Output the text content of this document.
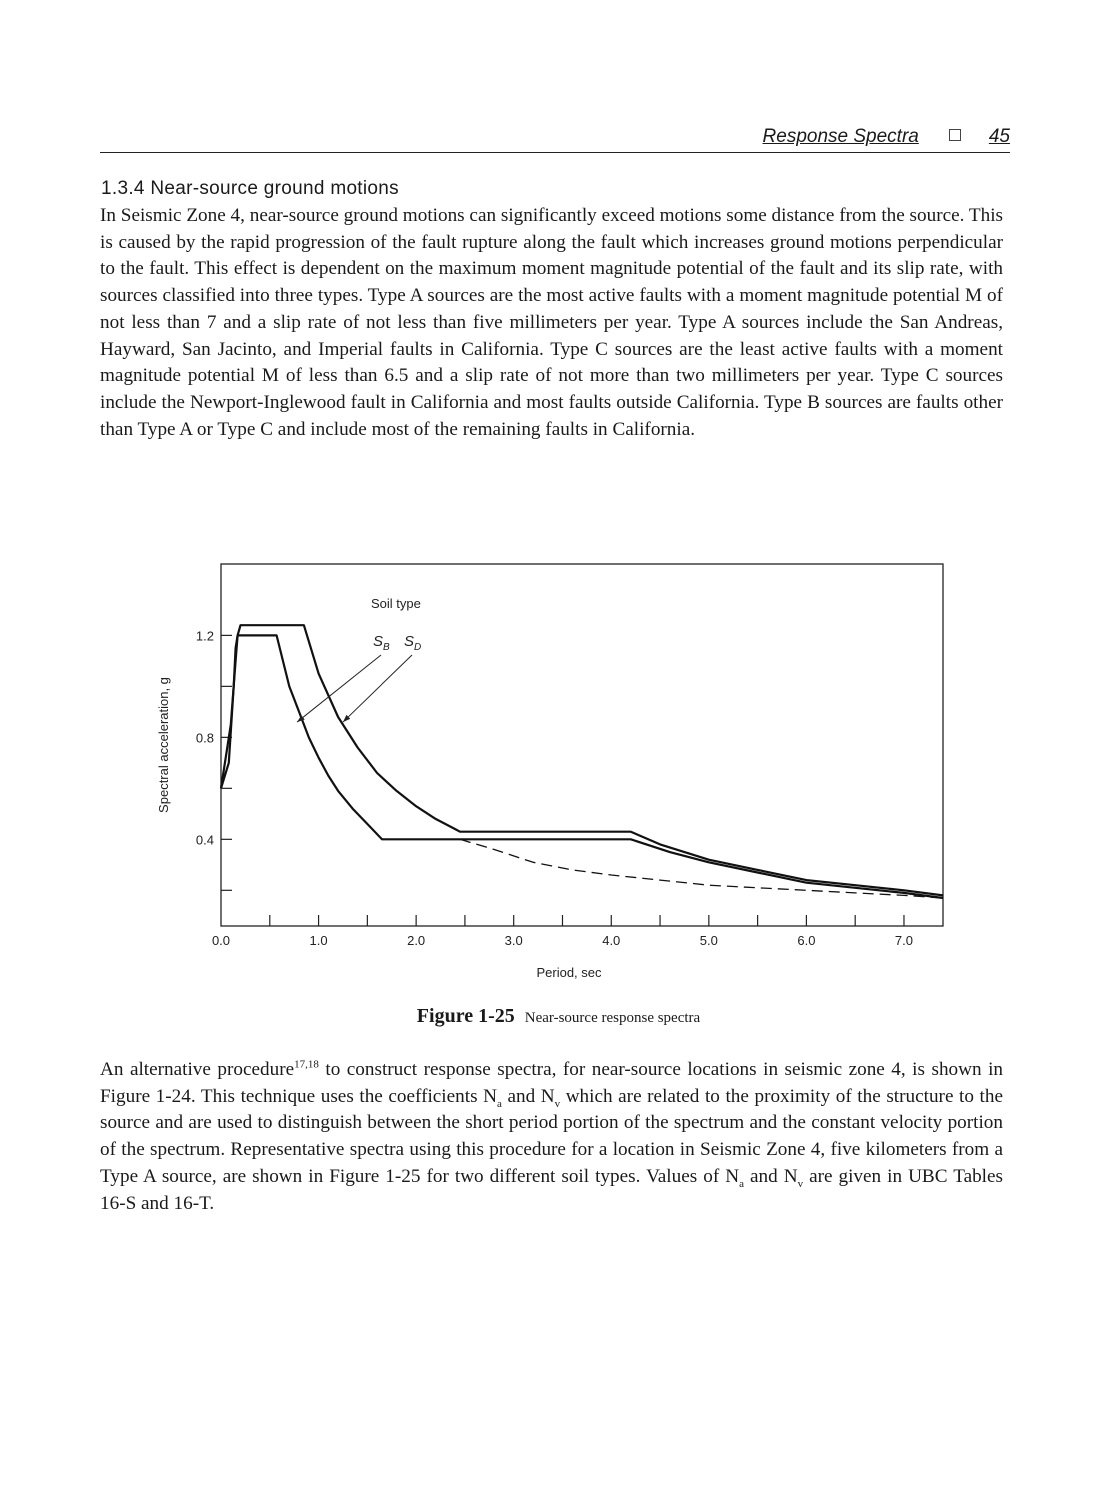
Response Spectra	45
1.3.4 Near-source ground motions

In Seismic Zone 4, near-source ground motions can significantly exceed motions some distance from the source. This is caused by the rapid progression of the fault rupture along the fault which increases ground motions perpendicular to the fault. This effect is dependent on the maximum moment magnitude potential of the fault and its slip rate, with sources classified into three types. Type A sources are the most active faults with a moment magnitude potential M of not less than 7 and a slip rate of not less than five millimeters per year. Type A sources include the San Andreas, Hayward, San Jacinto, and Imperial faults in California. Type C sources are the least active faults with a moment magnitude potential M of less than 6.5 and a slip rate of not more than two millimeters per year. Type C sources include the Newport-Inglewood fault in California and most faults outside California. Type B sources are faults other than Type A or Type C and include most of the remaining faults in California.

0.0	1.0	2.0	3.0	4.0	5.0	6.0	7.0
0.4
0.8
1.2
Soil type
$S_B$ $S_D$
Period, sec
Spectral acceleration, g

Figure 1-25 Near-source response spectra

An alternative procedure$^{17,18}$ to construct response spectra, for near-source locations in seismic zone 4, is shown in Figure 1-24. This technique uses the coefficients $N_a$ and $N_v$ which are related to the proximity of the structure to the source and are used to distinguish between the short period portion of the spectrum and the constant velocity portion of the spectrum. Representative spectra using this procedure for a location in Seismic Zone 4, five kilometers from a Type A source, are shown in Figure 1-25 for two different soil types. Values of $N_a$ and $N_v$ are given in UBC Tables 16-S and 16-T.
